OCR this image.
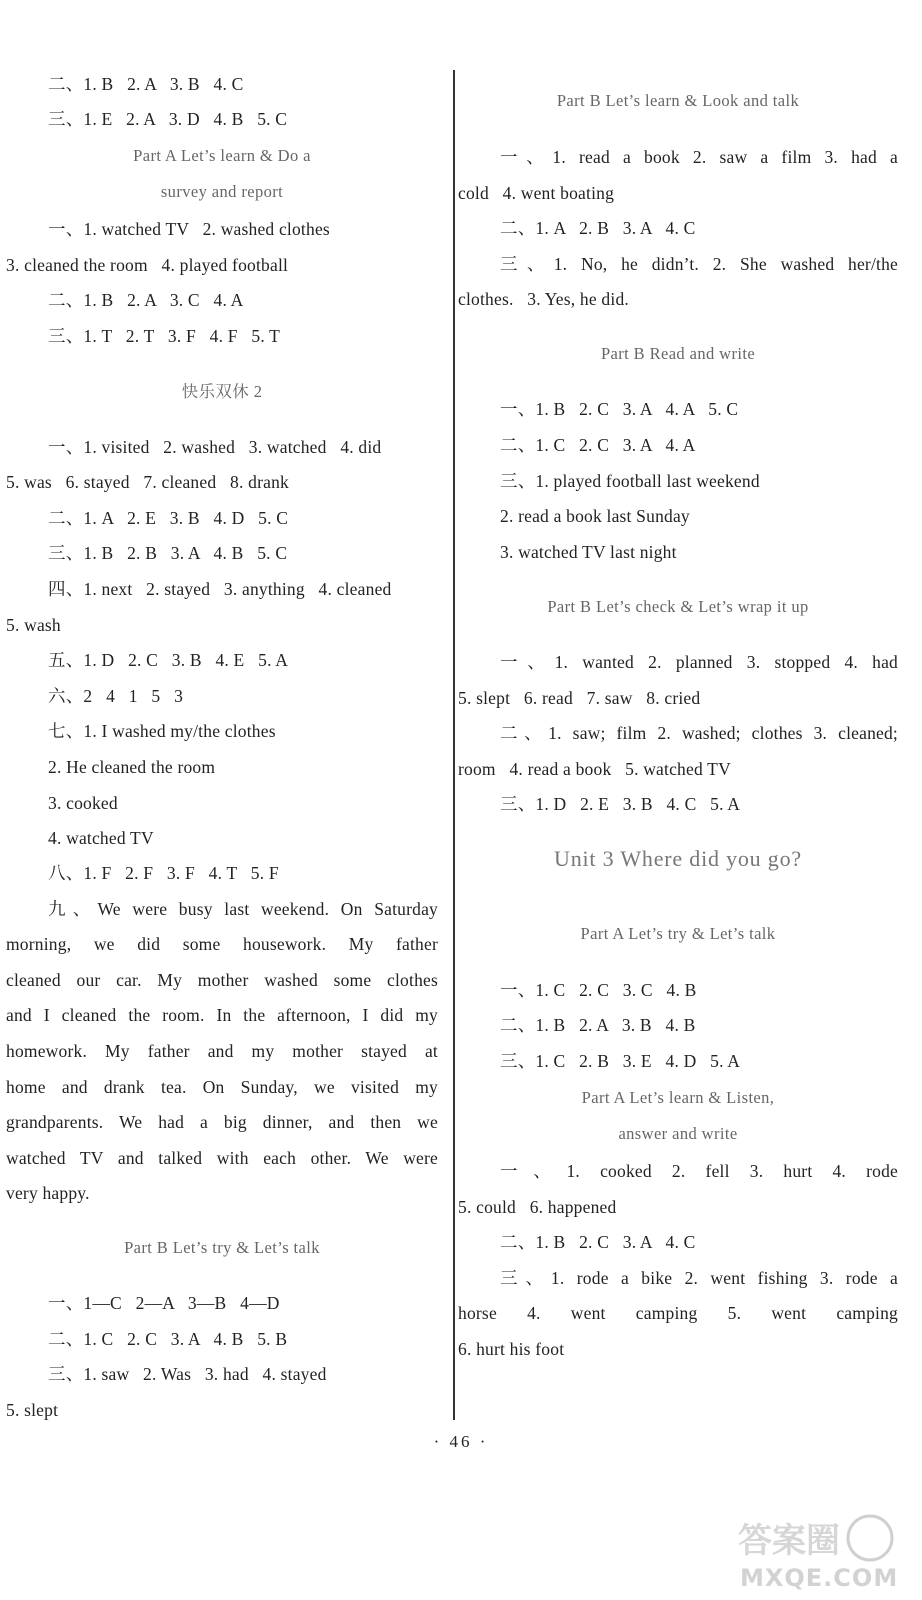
二、1. B   2. A   3. B   4. C
三、1. E   2. A   3. D   4. B   5. C
Part A Let’s learn & Do a
survey and report
一、1. watched TV   2. washed clothes
3. cleaned the room   4. played football
二、1. B   2. A   3. C   4. A
三、1. T   2. T   3. F   4. F   5. T
快乐双休 2
一、1. visited   2. washed   3. watched   4. did
5. was   6. stayed   7. cleaned   8. drank
二、1. A   2. E   3. B   4. D   5. C
三、1. B   2. B   3. A   4. B   5. C
四、1. next   2. stayed   3. anything   4. cleaned
5. wash
五、1. D   2. C   3. B   4. E   5. A
六、2   4   1   5   3
七、1. I washed my/the clothes
2. He cleaned the room
3. cooked
4. watched TV
八、1. F   2. F   3. F   4. T   5. F
九、We were busy last weekend. On Saturday
morning, we did some housework. My father
cleaned our car. My mother washed some clothes
and I cleaned the room. In the afternoon, I did my
homework. My father and my mother stayed at
home and drank tea. On Sunday, we visited my
grandparents. We had a big dinner, and then we
watched TV and talked with each other. We were
very happy.
Part B Let’s try & Let’s talk
一、1—C   2—A   3—B   4—D
二、1. C   2. C   3. A   4. B   5. B
三、1. saw   2. Was   3. had   4. stayed
5. slept
Part B Let’s learn & Look and talk
一、1. read a book 2. saw a film 3. had a
cold   4. went boating
二、1. A   2. B   3. A   4. C
三、1. No, he didn’t. 2. She washed her/the
clothes.   3. Yes, he did.
Part B Read and write
一、1. B   2. C   3. A   4. A   5. C
二、1. C   2. C   3. A   4. A
三、1. played football last weekend
2. read a book last Sunday
3. watched TV last night
Part B Let’s check & Let’s wrap it up
一、1. wanted 2. planned 3. stopped 4. had
5. slept   6. read   7. saw   8. cried
二、1. saw; film 2. washed; clothes 3. cleaned;
room   4. read a book   5. watched TV
三、1. D   2. E   3. B   4. C   5. A
Unit 3 Where did you go?
Part A Let’s try & Let’s talk
一、1. C   2. C   3. C   4. B
二、1. B   2. A   3. B   4. B
三、1. C   2. B   3. E   4. D   5. A
Part A Let’s learn & Listen,
answer and write
一、1. cooked 2. fell 3. hurt 4. rode
5. could   6. happened
二、1. B   2. C   3. A   4. C
三、1. rode a bike 2. went fishing 3. rode a
horse 4. went camping 5. went camping
6. hurt his foot
· 46 ·
答案圈
MXQE.COM
